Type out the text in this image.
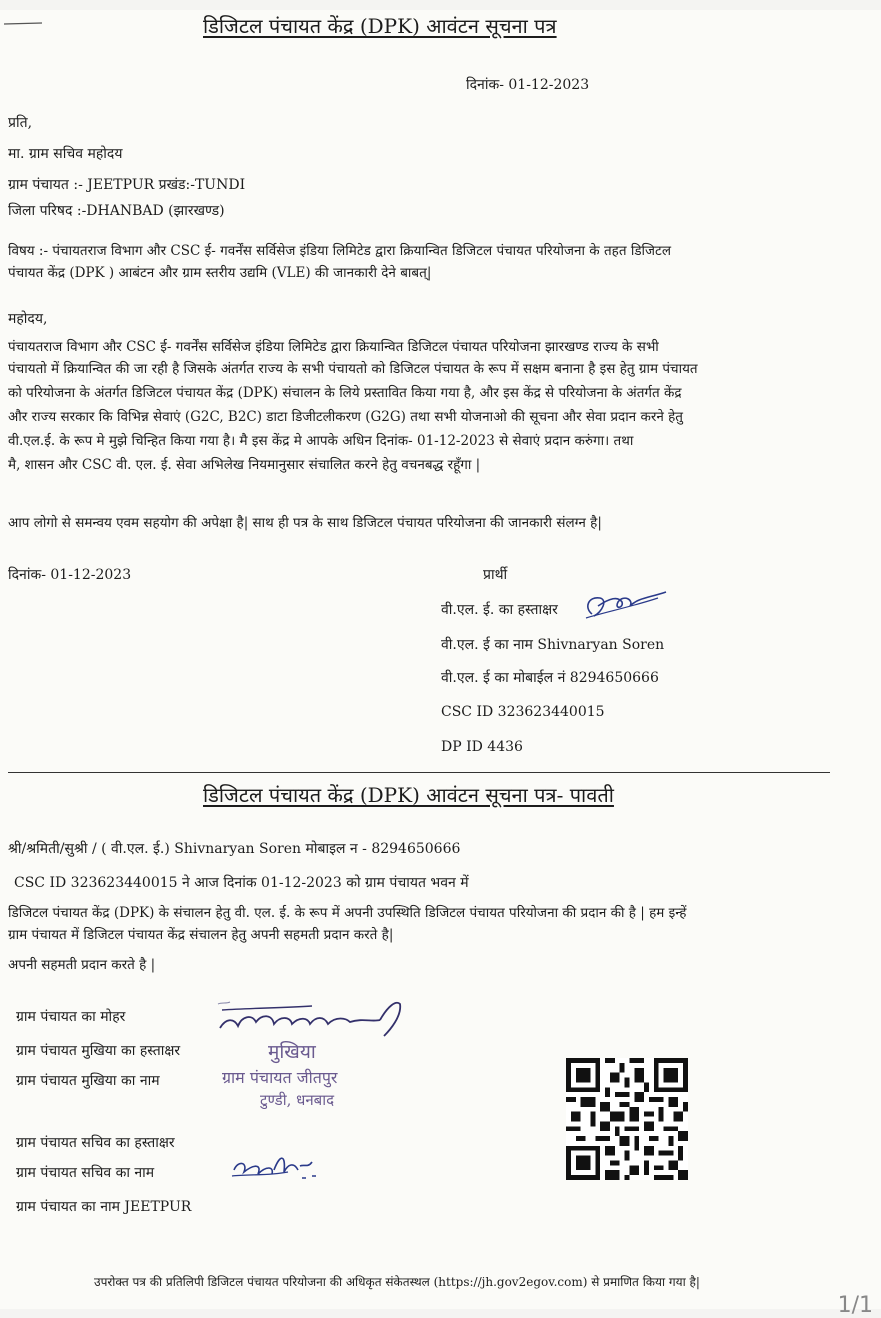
डिजिटल पंचायत केंद्र (DPK) आवंटन सूचना पत्र
दिनांक- 01-12-2023
प्रति,
मा. ग्राम सचिव महोदय
ग्राम पंचायत :- JEETPUR प्रखंड:-TUNDI
जिला परिषद :-DHANBAD (झारखण्ड)
विषय :- पंचायतराज विभाग और CSC ई- गवर्नेंस सर्विसेज इंडिया लिमिटेड द्वारा क्रियान्वित डिजिटल पंचायत परियोजना के तहत डिजिटल
पंचायत केंद्र (DPK ) आबंटन और ग्राम स्तरीय उद्यमि (VLE) की जानकारी देने बाबत्|
महोदय,
पंचायतराज विभाग और CSC ई- गवर्नेंस सर्विसेज इंडिया लिमिटेड द्वारा क्रियान्वित डिजिटल पंचायत परियोजना झारखण्ड राज्य के सभी
पंचायतो में क्रियान्वित की जा रही है जिसके अंतर्गत राज्य के सभी पंचायतो को डिजिटल पंचायत के रूप में सक्षम बनाना है इस हेतु ग्राम पंचायत
को परियोजना के अंतर्गत डिजिटल पंचायत केंद्र (DPK) संचालन के लिये प्रस्तावित किया गया है, और इस केंद्र से परियोजना के अंतर्गत केंद्र
और राज्य सरकार कि विभिन्न सेवाएं (G2C, B2C) डाटा डिजीटलीकरण (G2G) तथा सभी योजनाओ की सूचना और सेवा प्रदान करने हेतु
वी.एल.ई. के रूप मे मुझे चिन्हित किया गया है। मै इस केंद्र मे आपके अधिन दिनांक- 01-12-2023 से सेवाएं प्रदान करुंगा। तथा
मै, शासन और CSC वी. एल. ई. सेवा अभिलेख नियमानुसार संचालित करने हेतु वचनबद्ध रहूँगा |
आप लोगो से समन्वय एवम सहयोग की अपेक्षा है| साथ ही पत्र के साथ डिजिटल पंचायत परियोजना की जानकारी संलग्न है|
दिनांक- 01-12-2023	प्रार्थी
वी.एल. ई. का हस्ताक्षर
वी.एल. ई का नाम Shivnaryan Soren
वी.एल. ई का मोबाईल नं 8294650666
CSC ID 323623440015
DP ID 4436
डिजिटल पंचायत केंद्र (DPK) आवंटन सूचना पत्र- पावती
श्री/श्रमिती/सुश्री / ( वी.एल. ई.) Shivnaryan Soren मोबाइल न - 8294650666
CSC ID 323623440015 ने आज दिनांक 01-12-2023 को ग्राम पंचायत भवन में
डिजिटल पंचायत केंद्र (DPK) के संचालन हेतु वी. एल. ई. के रूप में अपनी उपस्थिति डिजिटल पंचायत परियोजना की प्रदान की है | हम इन्हें
ग्राम पंचायत में डिजिटल पंचायत केंद्र संचालन हेतु अपनी सहमती प्रदान करते है|
अपनी सहमती प्रदान करते है |
ग्राम पंचायत का मोहर
ग्राम पंचायत मुखिया का हस्ताक्षर
ग्राम पंचायत मुखिया का नाम
ग्राम पंचायत सचिव का हस्ताक्षर
ग्राम पंचायत सचिव का नाम
ग्राम पंचायत का नाम JEETPUR
मुखिया
ग्राम पंचायत जीतपुर
टुण्डी, धनबाद
उपरोक्त पत्र की प्रतिलिपी डिजिटल पंचायत परियोजना की अधिकृत संकेतस्थल (https://jh.gov2egov.com) से प्रमाणित किया गया है|
1/1
